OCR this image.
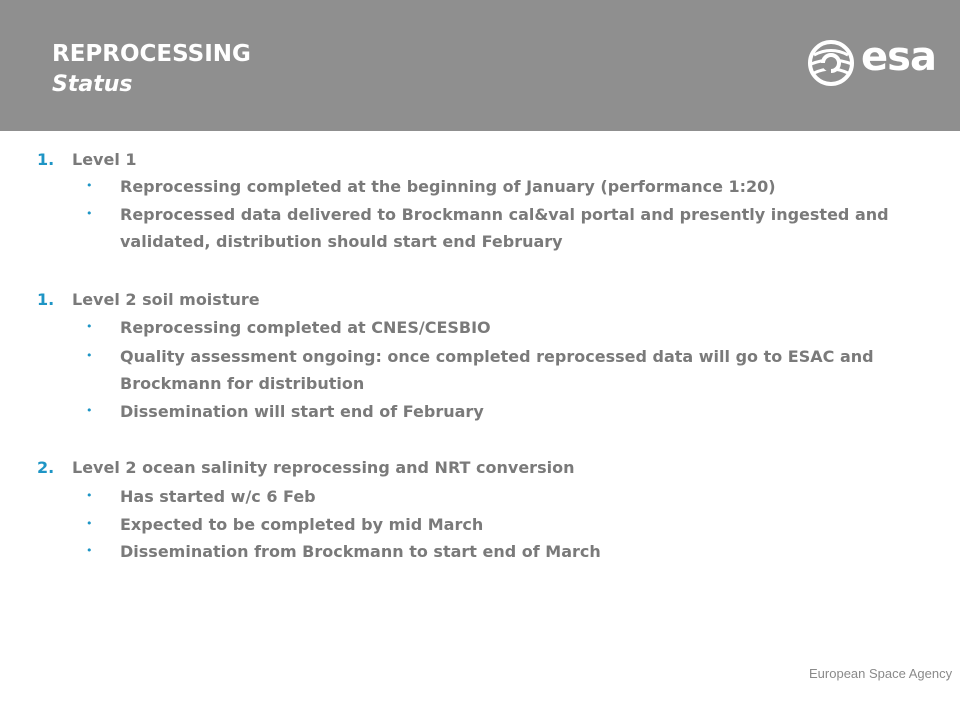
REPROCESSING
Status
esa
1. Level 1
• Reprocessing completed at the beginning of January (performance 1:20)
• Reprocessed data delivered to Brockmann cal&val portal and presently ingested and validated, distribution should start end February
1. Level 2 soil moisture
• Reprocessing completed at CNES/CESBIO
• Quality assessment ongoing: once completed reprocessed data will go to ESAC and Brockmann for distribution
• Dissemination will start end of February
2. Level 2 ocean salinity reprocessing and NRT conversion
• Has started w/c 6 Feb
• Expected to be completed by mid March
• Dissemination from Brockmann to start end of March
European Space Agency
